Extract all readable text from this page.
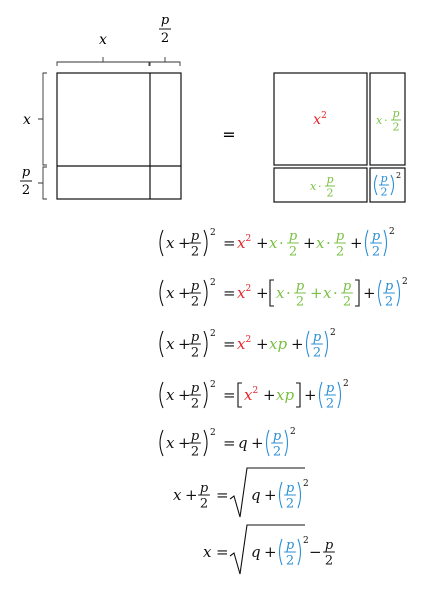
x
p
2
x
p
2
=
$x^2$	x ·
p
2
x ·
p
2
p
2
2
x + p
2
2
= $x^2 + x \cdot p$
2 + x · p
2 + p
2
2
x + p
2
2
= $x^2 + x \cdot p$
2 + x · p
2 + p
2
2
x + p
2
2
= $x^2$ + xp + p
2
2
x + p
2
2
= $x^2$ + xp + p
2
2
x + p
2
2
= q + p
2
2
x + p
2 = q + p
2
2
x = q + p
2
2
− p
2
